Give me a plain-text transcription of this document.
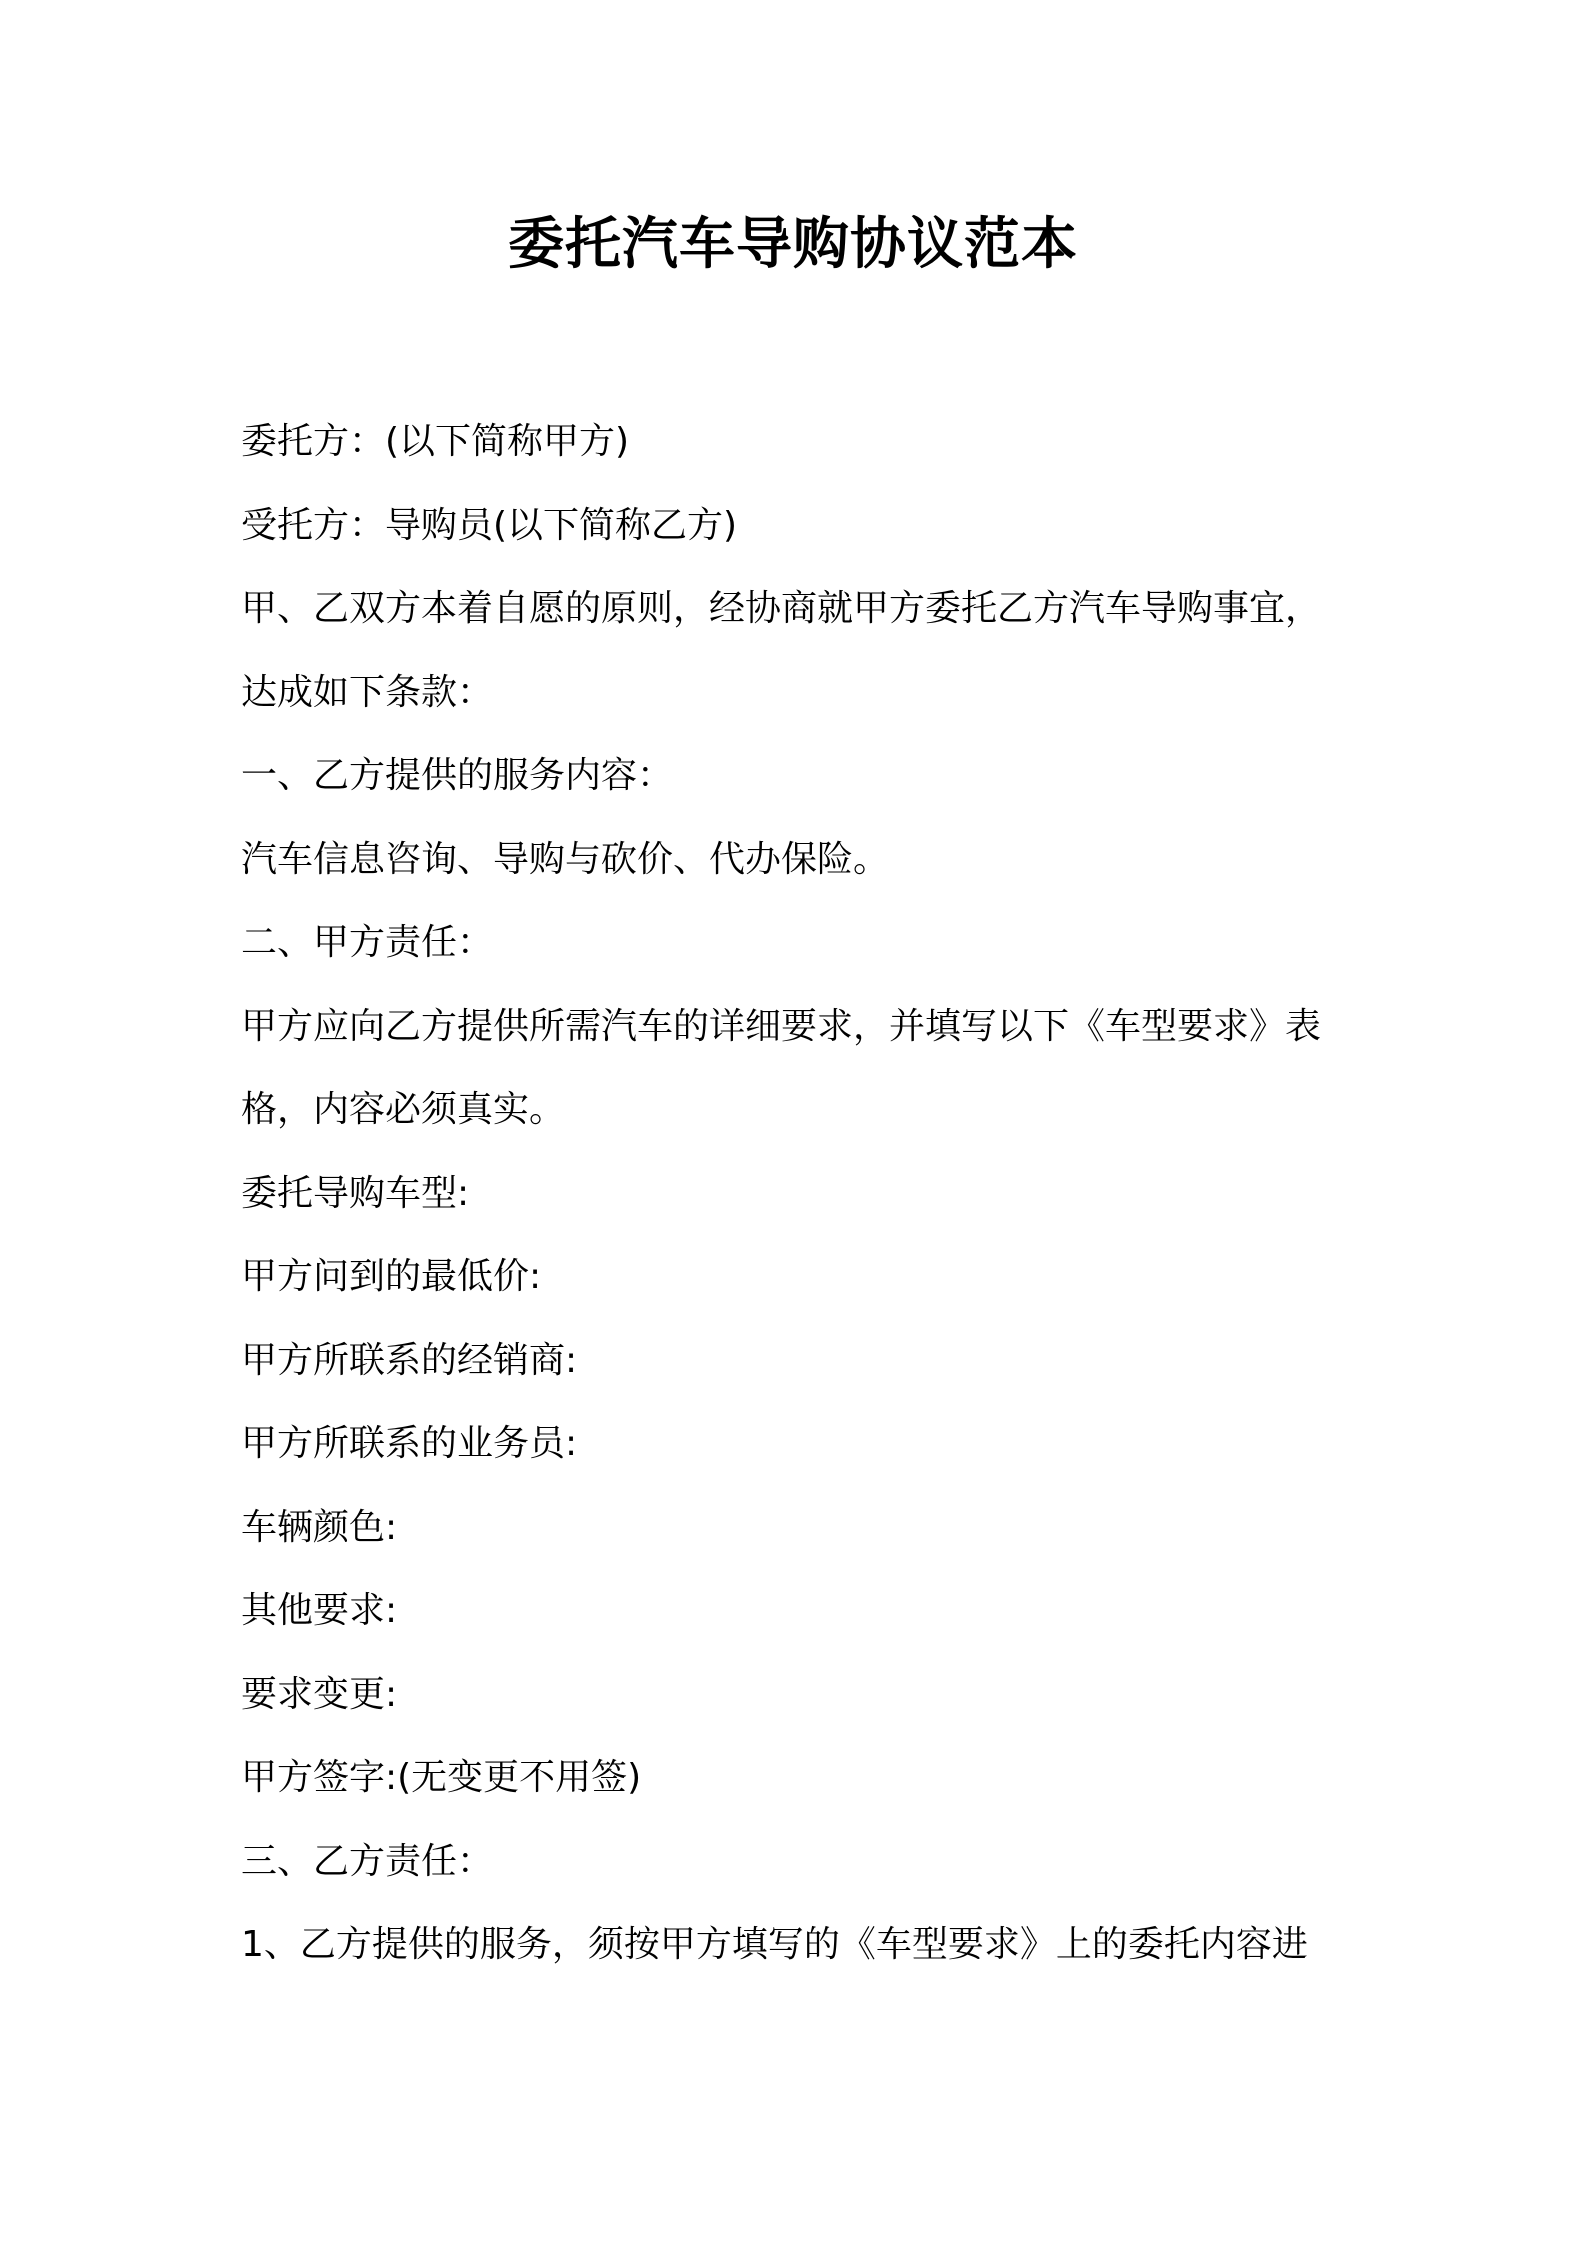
委托汽车导购协议范本
委托方：(以下简称甲方)
受托方：导购员(以下简称乙方)
甲、乙双方本着自愿的原则，经协商就甲方委托乙方汽车导购事宜，
达成如下条款：
一、乙方提供的服务内容：
汽车信息咨询、导购与砍价、代办保险。
二、甲方责任：
甲方应向乙方提供所需汽车的详细要求，并填写以下《车型要求》表
格，内容必须真实。
委托导购车型:
甲方问到的最低价:
甲方所联系的经销商:
甲方所联系的业务员:
车辆颜色:
其他要求:
要求变更:
甲方签字:(无变更不用签)
三、乙方责任：
1、乙方提供的服务，须按甲方填写的《车型要求》上的委托内容进
